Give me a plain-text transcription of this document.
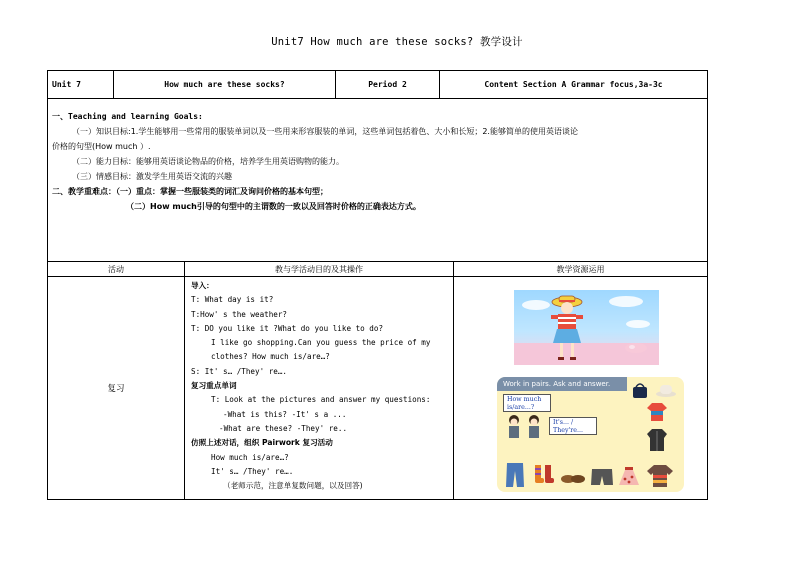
Unit7 How much are these socks? 教学设计
Unit 7	How much are these socks?	Period 2	Content Section A Grammar focus,3a-3c
一、Teaching and learning Goals:
（一）知识目标:1.学生能够用一些常用的服装单词以及一些用来形容服装的单词，这些单词包括着色、大小和长短；2.能够简单的使用英语谈论
价格的句型(How much ）.
（二）能力目标：能够用英语谈论物品的价格，培养学生用英语购物的能力。
（三）情感目标：激发学生用英语交流的兴趣
二、教学重难点：（一）重点：掌握一些服装类的词汇及询问价格的基本句型；
（二）How much引导的句型中的主谓数的一致以及回答时价格的正确表达方式。
活动	教与学活动目的及其操作	教学资源运用
复习
导入：
T: What day is it?
T:How' s the weather?
T: DO you like it ?What do you like to do?
I like go shopping.Can you guess the price of my
clothes? How much is/are…?
S: It' s… /They' re….
复习重点单词
T: Look at the pictures and answer my questions:
-What is this? -It' s a ...
-What are these? -They' re..
仿照上述对话，组织 Pairwork 复习活动
How much is/are…?
It' s… /They' re….
（老师示范，注意单复数问题，以及回答)
Work in pairs. Ask and answer.
How much
is/are...?
It's... /
They're...
